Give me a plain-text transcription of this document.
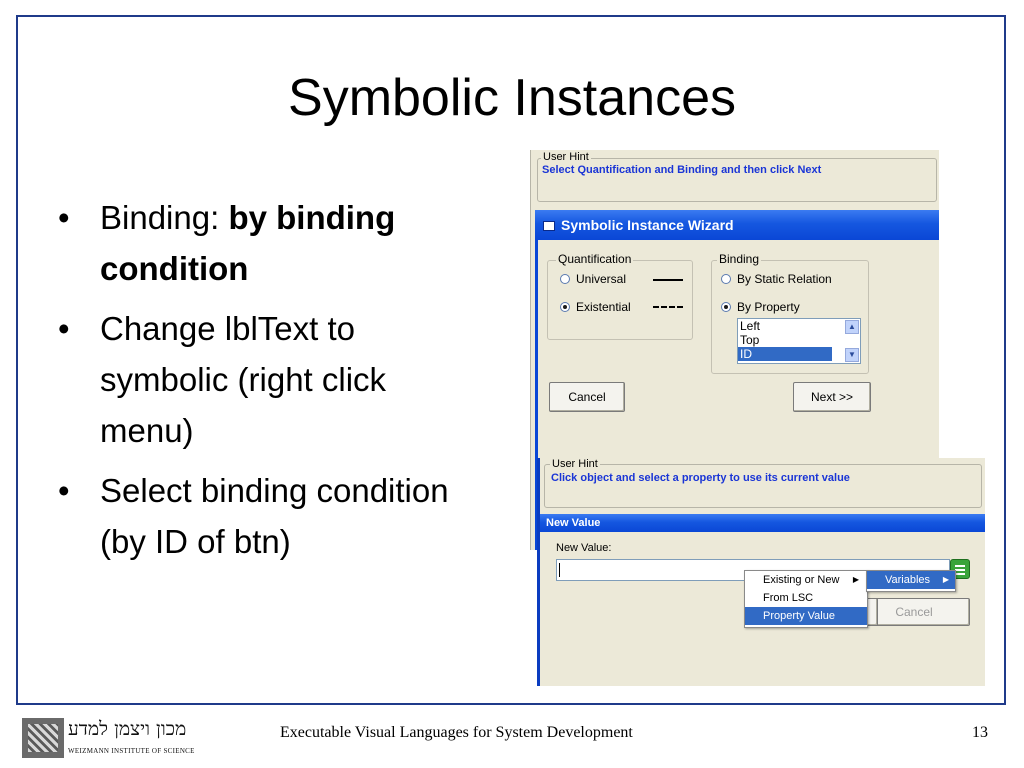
Symbolic Instances
• Binding: by binding condition
• Change lblText to symbolic (right click menu)
• Select binding condition (by ID of btn)
User Hint
Select Quantification and Binding and then click Next
Symbolic Instance Wizard
Quantification
Universal
Existential
Binding
By Static Relation
By Property
Left
Top
ID
▲
▼
Cancel	Next >>
User Hint
Click object and select a property to use its current value
New Value
New Value:
Cancel
Existing or New ▶
From LSC
Property Value
Variables ▶
מכון ויצמן למדע
WEIZMANN INSTITUTE OF SCIENCE
Executable Visual Languages for System Development	13
